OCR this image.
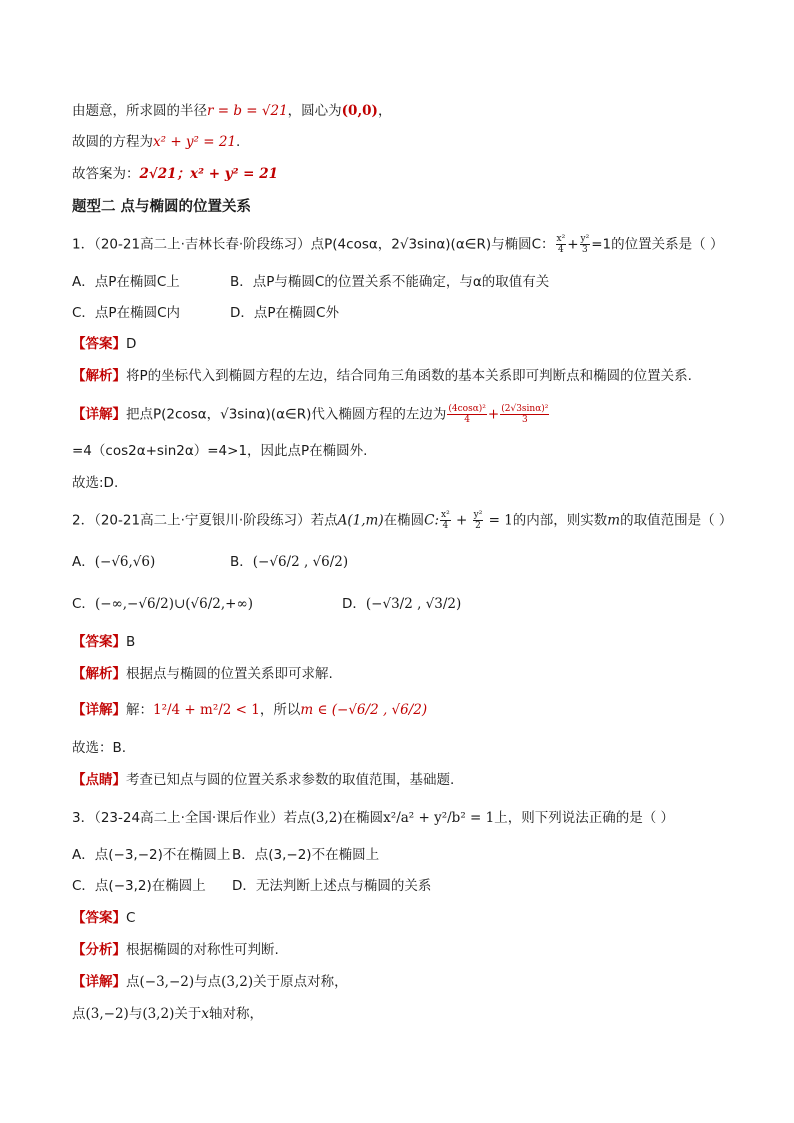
由题意，所求圆的半径r = b = √21，圆心为(0,0)，
故圆的方程为x² + y² = 21.
故答案为：2√21；x² + y² = 21
题型二 点与椭圆的位置关系
1．（20-21高二上·吉林长春·阶段练习）点P(4cosα，2√3sinα)(α∈R)与椭圆C： $\frac{\text{x²}}{4} + \frac{\text{y²}}{3} =1$的位置关系是（ ）
A．点P在椭圆C上	B．点P与椭圆C的位置关系不能确定，与α的取值有关
C．点P在椭圆C内	D．点P在椭圆C外
【答案】D
【解析】将P的坐标代入到椭圆方程的左边，结合同角三角函数的基本关系即可判断点和椭圆的位置关系.
【详解】把点P(2cosα，√3sinα)(α∈R)代入椭圆方程的左边为 $\frac{\text{(4cosα)²}}{4} + \frac{\text{(2√3sinα)²}}{3}$
=4（cos2α+sin2α）=4>1，因此点P在椭圆外.
故选:D.
2．（20-21高二上·宁夏银川·阶段练习）若点A(1,m)在椭圆C: $\frac{\text{x²}}{4} + \frac{\text{y²}}{2} = 1$的内部，则实数m的取值范围是（ ）
A．(−√6,√6)	B．(−√6/2 , √6/2)
C．(−∞,−√6/2)∪(√6/2,+∞)	D．(−√3/2 , √3/2)
【答案】B
【解析】根据点与椭圆的位置关系即可求解.
【详解】解：1²/4 + m²/2 < 1，所以m ∈ (−√6/2 , √6/2)
故选：B.
【点睛】考查已知点与圆的位置关系求参数的取值范围，基础题.
3．（23-24高二上·全国·课后作业）若点(3,2)在椭圆x²/a² + y²/b² = 1上，则下列说法正确的是（ ）
A．点(−3,−2)不在椭圆上 B．点(3,−2)不在椭圆上
C．点(−3,2)在椭圆上 D．无法判断上述点与椭圆的关系
【答案】C
【分析】根据椭圆的对称性可判断.
【详解】点(−3,−2)与点(3,2)关于原点对称，
点(3,−2)与(3,2)关于x轴对称，
